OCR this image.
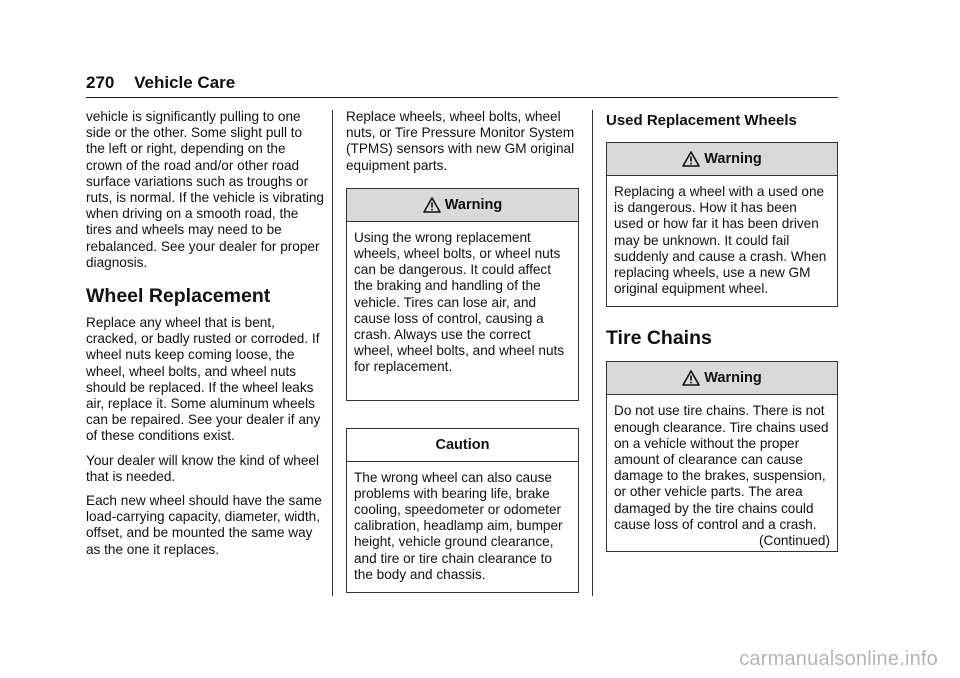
270 Vehicle Care

vehicle is significantly pulling to one side or the other. Some slight pull to the left or right, depending on the crown of the road and/or other road surface variations such as troughs or ruts, is normal. If the vehicle is vibrating when driving on a smooth road, the tires and wheels may need to be rebalanced. See your dealer for proper diagnosis.

Wheel Replacement

Replace any wheel that is bent, cracked, or badly rusted or corroded. If wheel nuts keep coming loose, the wheel, wheel bolts, and wheel nuts should be replaced. If the wheel leaks air, replace it. Some aluminum wheels can be repaired. See your dealer if any of these conditions exist.

Your dealer will know the kind of wheel that is needed.

Each new wheel should have the same load-carrying capacity, diameter, width, offset, and be mounted the same way as the one it replaces.

Replace wheels, wheel bolts, wheel nuts, or Tire Pressure Monitor System (TPMS) sensors with new GM original equipment parts.

Warning

Using the wrong replacement wheels, wheel bolts, or wheel nuts can be dangerous. It could affect the braking and handling of the vehicle. Tires can lose air, and cause loss of control, causing a crash. Always use the correct wheel, wheel bolts, and wheel nuts for replacement.

Caution

The wrong wheel can also cause problems with bearing life, brake cooling, speedometer or odometer calibration, headlamp aim, bumper height, vehicle ground clearance, and tire or tire chain clearance to the body and chassis.

Used Replacement Wheels
Warning

Replacing a wheel with a used one is dangerous. How it has been used or how far it has been driven may be unknown. It could fail suddenly and cause a crash. When replacing wheels, use a new GM original equipment wheel.

Tire Chains
Warning

Do not use tire chains. There is not enough clearance. Tire chains used on a vehicle without the proper amount of clearance can cause damage to the brakes, suspension, or other vehicle parts. The area damaged by the tire chains could cause loss of control and a crash.

(Continued)

carmanualsonline.info
